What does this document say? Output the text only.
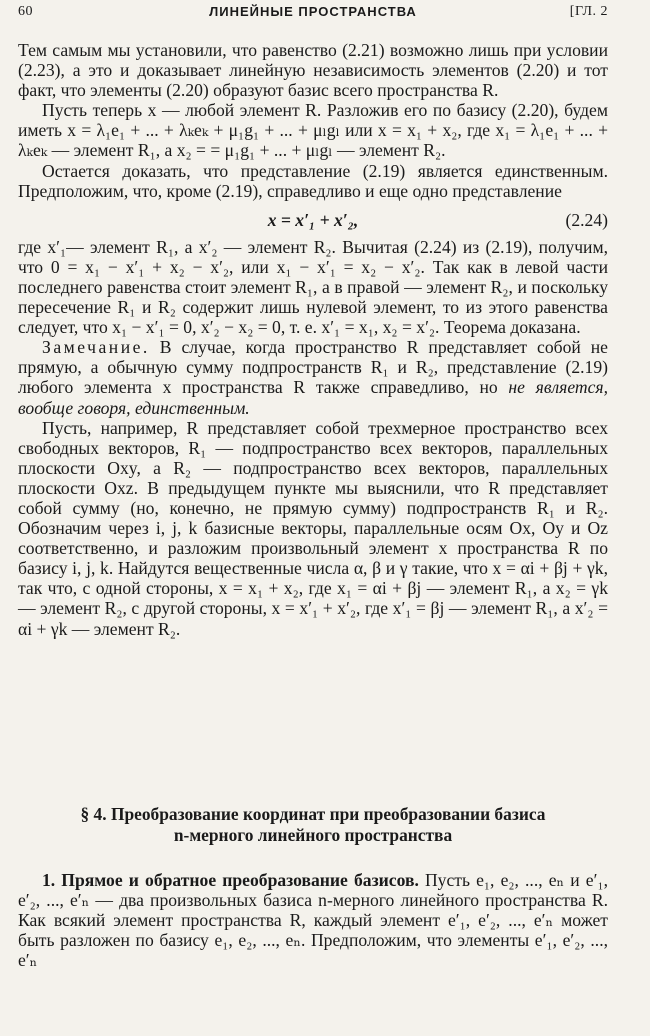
60	ЛИНЕЙНЫЕ ПРОСТРАНСТВА	[ГЛ. 2

Тем самым мы установили, что равенство (2.21) возможно лишь при условии (2.23), а это и доказывает линейную независимость элементов (2.20) и тот факт, что элементы (2.20) образуют базис всего пространства R.

Пусть теперь x — любой элемент R. Разложив его по базису (2.20), будем иметь x = λ₁e₁ + ... + λₖeₖ + μ₁g₁ + ... + μₗgₗ или x = x₁ + x₂, где x₁ = λ₁e₁ + ... + λₖeₖ — элемент R₁, а x₂ = = μ₁g₁ + ... + μₗgₗ — элемент R₂.

Остается доказать, что представление (2.19) является единственным. Предположим, что, кроме (2.19), справедливо и еще одно представление

x = x′₁ + x′₂,	(2.24)

где x′₁— элемент R₁, а x′₂ — элемент R₂. Вычитая (2.24) из (2.19), получим, что 0 = x₁ − x′₁ + x₂ − x′₂, или x₁ − x′₁ = x₂ − x′₂. Так как в левой части последнего равенства стоит элемент R₁, а в правой — элемент R₂, и поскольку пересечение R₁ и R₂ содержит лишь нулевой элемент, то из этого равенства следует, что x₁ − x′₁ = 0, x′₂ − x₂ = 0, т. е. x′₁ = x₁, x₂ = x′₂. Теорема доказана.

Замечание. В случае, когда пространство R представляет собой не прямую, а обычную сумму подпространств R₁ и R₂, представление (2.19) любого элемента x пространства R также справедливо, но не является, вообще говоря, единственным.

Пусть, например, R представляет собой трехмерное пространство всех свободных векторов, R₁ — подпространство всех векторов, параллельных плоскости Oxy, а R₂ — подпространство всех векторов, параллельных плоскости Oxz. В предыдущем пункте мы выяснили, что R представляет собой сумму (но, конечно, не прямую сумму) подпространств R₁ и R₂. Обозначим через i, j, k базисные векторы, параллельные осям Ox, Oy и Oz соответственно, и разложим произвольный элемент x пространства R по базису i, j, k. Найдутся вещественные числа α, β и γ такие, что x = αi + βj + γk, так что, с одной стороны, x = x₁ + x₂, где x₁ = αi + βj — элемент R₁, а x₂ = γk — элемент R₂, с другой стороны, x = x′₁ + x′₂, где x′₁ = βj — элемент R₁, а x′₂ = αi + γk — элемент R₂.

§ 4. Преобразование координат при преобразовании базиса
n-мерного линейного пространства

1. Прямое и обратное преобразование базисов. Пусть e₁, e₂, ..., eₙ и e′₁, e′₂, ..., e′ₙ — два произвольных базиса n-мерного линейного пространства R. Как всякий элемент пространства R, каждый элемент e′₁, e′₂, ..., e′ₙ может быть разложен по базису e₁, e₂, ..., eₙ. Предположим, что элементы e′₁, e′₂, ..., e′ₙ
